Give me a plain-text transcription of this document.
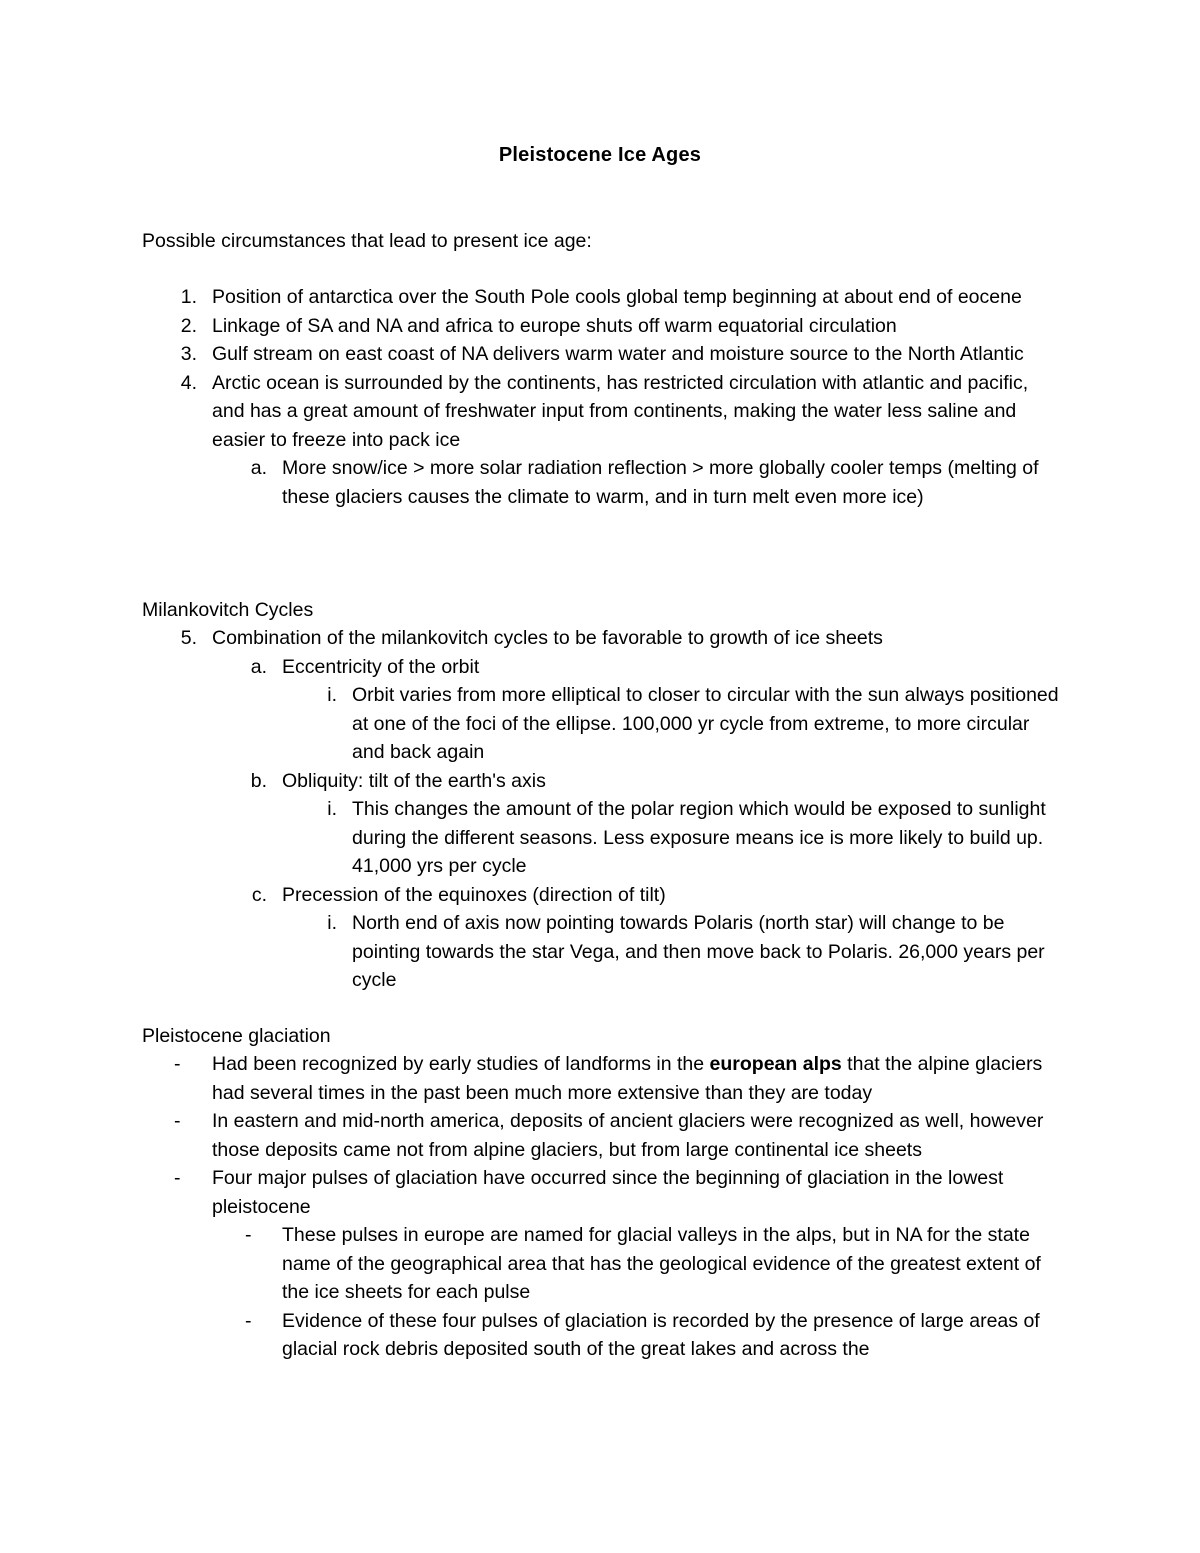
Pleistocene Ice Ages
Possible circumstances that lead to present ice age:
1. Position of antarctica over the South Pole cools global temp beginning at about end of eocene
2. Linkage of SA and NA and africa to europe shuts off warm equatorial circulation
3. Gulf stream on east coast of NA delivers warm water and moisture source to the North Atlantic
4. Arctic ocean is surrounded by the continents, has restricted circulation with atlantic and pacific, and has a great amount of freshwater input from continents, making the water less saline and easier to freeze into pack ice
a. More snow/ice > more solar radiation reflection > more globally cooler temps (melting of these glaciers causes the climate to warm, and in turn melt even more ice)
Milankovitch Cycles
5. Combination of the milankovitch cycles to be favorable to growth of ice sheets
a. Eccentricity of the orbit
i. Orbit varies from more elliptical to closer to circular with the sun always positioned at one of the foci of the ellipse. 100,000 yr cycle from extreme, to more circular and back again
b. Obliquity: tilt of the earth's axis
i. This changes the amount of the polar region which would be exposed to sunlight during the different seasons. Less exposure means ice is more likely to build up. 41,000 yrs per cycle
c. Precession of the equinoxes (direction of tilt)
i. North end of axis now pointing towards Polaris (north star) will change to be pointing towards the star Vega, and then move back to Polaris. 26,000 years per cycle
Pleistocene glaciation
-	Had been recognized by early studies of landforms in the european alps that the alpine glaciers had several times in the past been much more extensive than they are today
-	In eastern and mid-north america, deposits of ancient glaciers were recognized as well, however those deposits came not from alpine glaciers, but from large continental ice sheets
-	Four major pulses of glaciation have occurred since the beginning of glaciation in the lowest pleistocene
-	These pulses in europe are named for glacial valleys in the alps, but in NA for the state name of the geographical area that has the geological evidence of the greatest extent of the ice sheets for each pulse
-	Evidence of these four pulses of glaciation is recorded by the presence of large areas of glacial rock debris deposited south of the great lakes and across the
